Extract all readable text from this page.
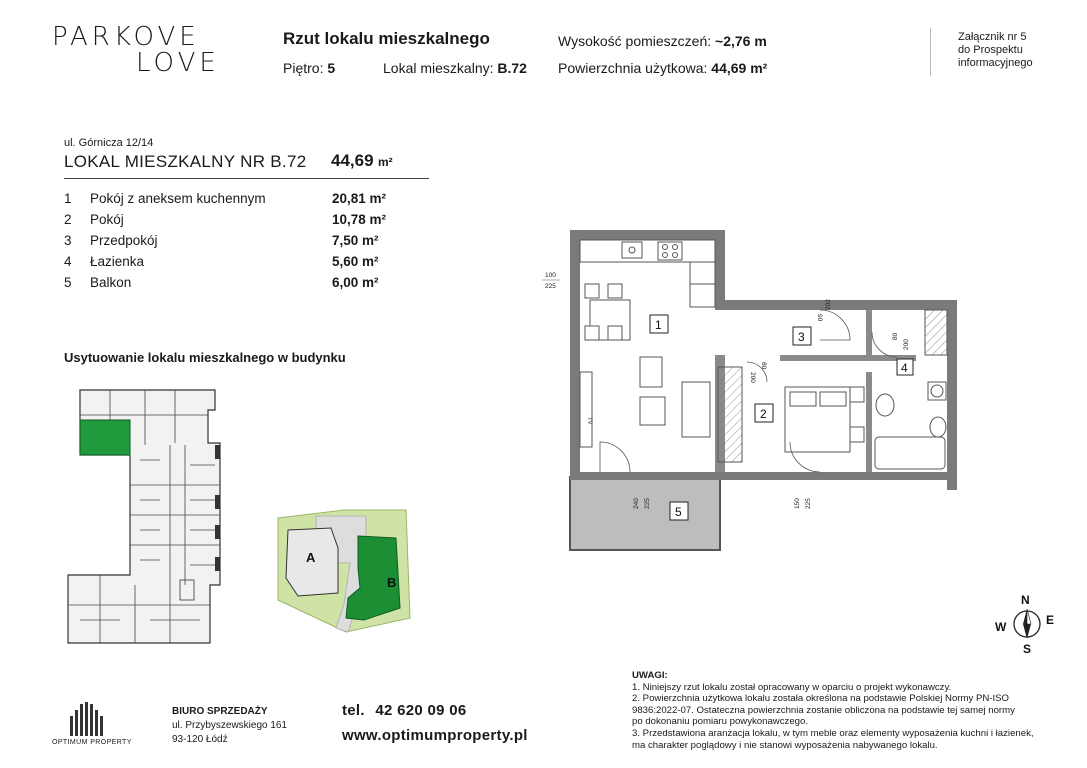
PARKOVE
LOVE
Rzut lokalu mieszkalnego
Piętro: 5	Lokal mieszkalny: B.72
Wysokość pomieszczeń: ~2,76 m
Powierzchnia użytkowa: 44,69 m²
Załącznik nr 5
do Prospektu
informacyjnego
ul. Górnicza 12/14
LOKAL MIESZKALNY NR B.72 44,69 m²
1 Pokój z aneksem kuchennym	20,81 m²
2 Pokój	10,78 m²
3 Przedpokój	7,50 m²
4 Łazienka	5,60 m²
5 Balkon	6,00 m²
Usytuowanie lokalu mieszkalnego w budynku
A
B
TV
1
2
3
4
5
100
225
90
202
80
200
80
200
240 225	150 225
N
E
S
W
UWAGI:
1. Niniejszy rzut lokalu został opracowany w oparciu o projekt wykonawczy.
2. Powierzchnia użytkowa lokalu została określona na podstawie Polskiej Normy PN-ISO
9836:2022-07. Ostateczna powierzchnia zostanie obliczona na podstawie tej samej normy
po dokonaniu pomiaru powykonawczego.
3. Przedstawiona aranżacja lokalu, w tym meble oraz elementy wyposażenia kuchni i łazienek,
ma charakter poglądowy i nie stanowi wyposażenia nabywanego lokalu.
OPTIMUM PROPERTY
BIURO SPRZEDAŻY
ul. Przybyszewskiego 161
93-120 Łódź
tel. 42 620 09 06
www.optimumproperty.pl
